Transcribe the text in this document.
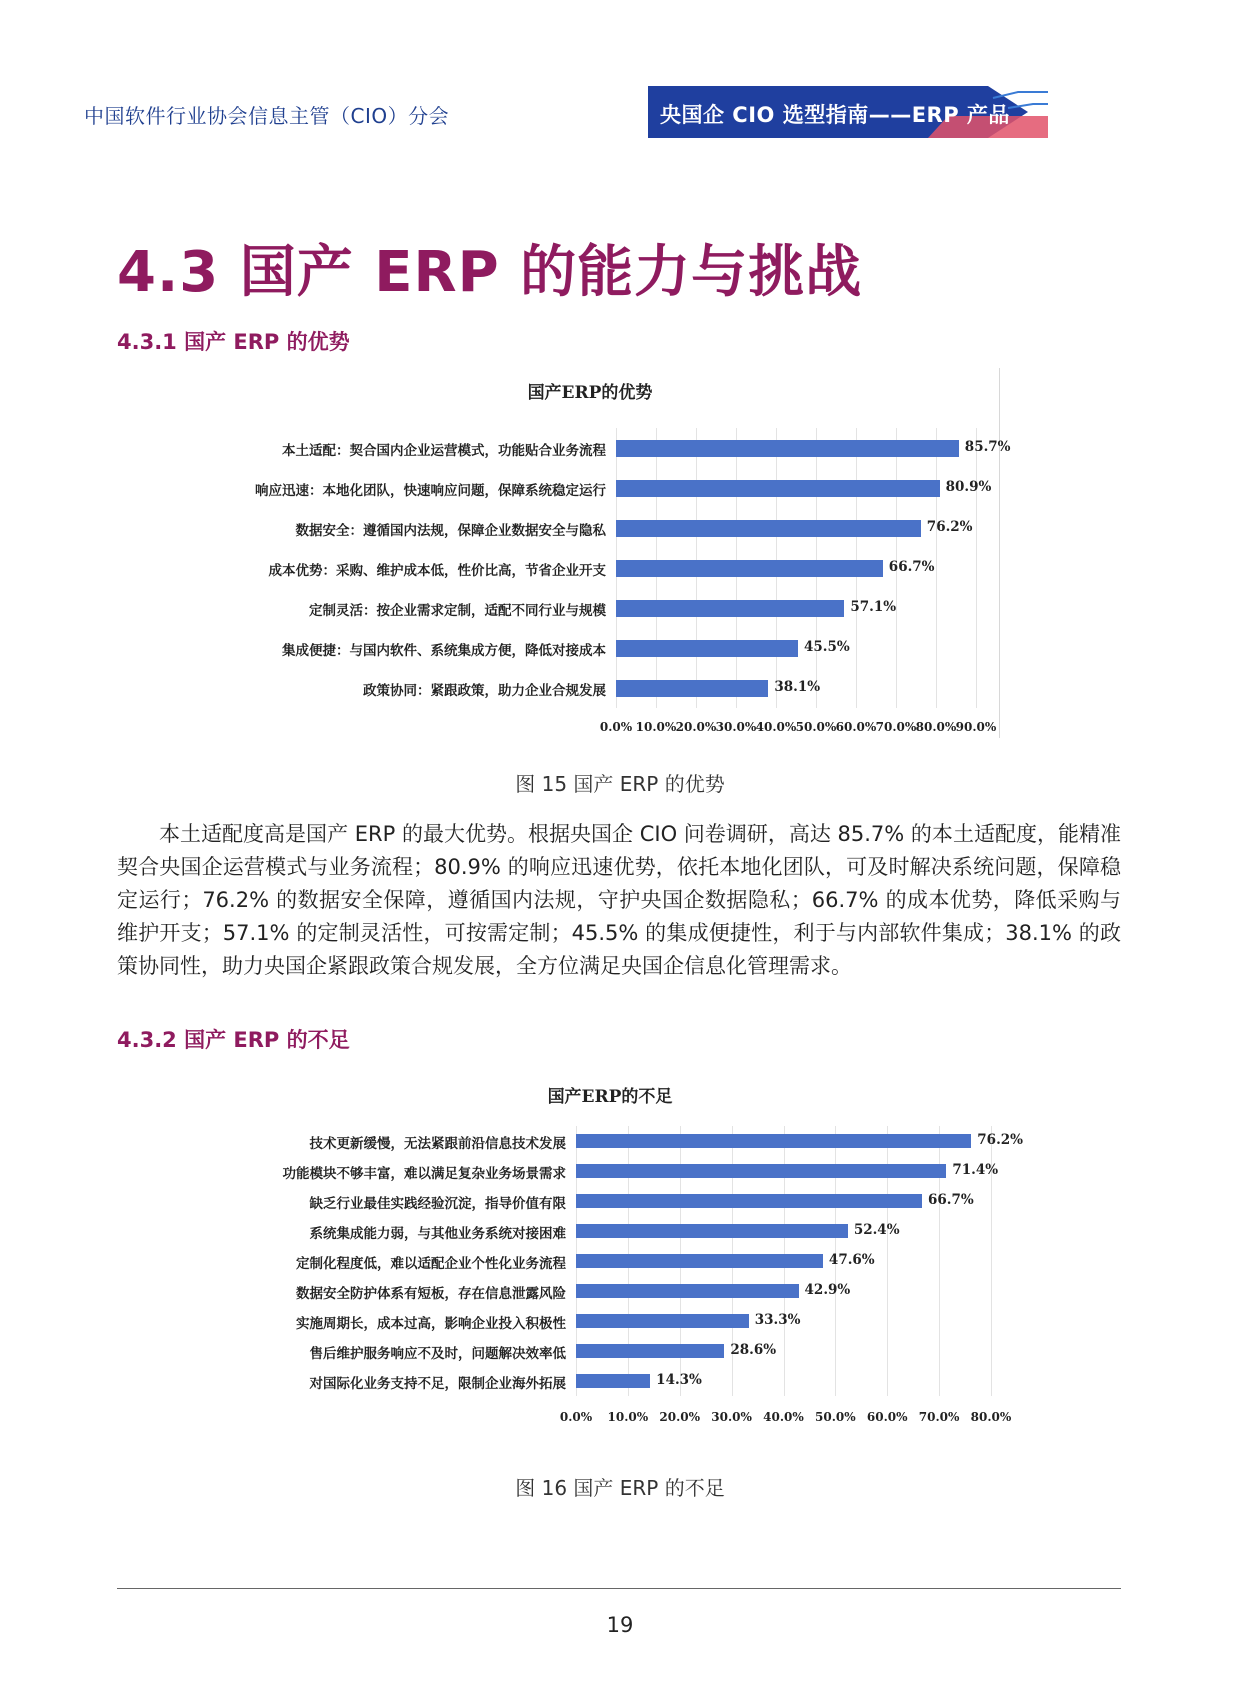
中国软件行业协会信息主管（CIO）分会	央国企 CIO 选型指南——ERP 产品
4.3 国产 ERP 的能力与挑战
4.3.1 国产 ERP 的优势
国产ERP的优势
0.0% 10.0% 20.0% 30.0% 40.0% 50.0% 60.0% 70.0% 80.0% 90.0%
本土适配：契合国内企业运营模式，功能贴合业务流程	85.7%
响应迅速：本地化团队，快速响应问题，保障系统稳定运行	80.9%
数据安全：遵循国内法规，保障企业数据安全与隐私	76.2%
成本优势：采购、维护成本低，性价比高，节省企业开支	66.7%
定制灵活：按企业需求定制，适配不同行业与规模	57.1%
集成便捷：与国内软件、系统集成方便，降低对接成本	45.5%
政策协同：紧跟政策，助力企业合规发展	38.1%
图 15 国产 ERP 的优势
本土适配度高是国产 ERP 的最大优势。根据央国企 CIO 问卷调研，高达 85.7% 的本土适配度，能精准契合央国企运营模式与业务流程；80.9% 的响应迅速优势，依托本地化团队，可及时解决系统问题，保障稳定运行；76.2% 的数据安全保障，遵循国内法规，守护央国企数据隐私；66.7% 的成本优势，降低采购与维护开支；57.1% 的定制灵活性，可按需定制；45.5% 的集成便捷性，利于与内部软件集成；38.1% 的政策协同性，助力央国企紧跟政策合规发展，全方位满足央国企信息化管理需求。
4.3.2 国产 ERP 的不足
国产ERP的不足
0.0% 10.0% 20.0% 30.0% 40.0% 50.0% 60.0% 70.0% 80.0%
技术更新缓慢，无法紧跟前沿信息技术发展	76.2%
功能模块不够丰富，难以满足复杂业务场景需求	71.4%
缺乏行业最佳实践经验沉淀，指导价值有限	66.7%
系统集成能力弱，与其他业务系统对接困难	52.4%
定制化程度低，难以适配企业个性化业务流程	47.6%
数据安全防护体系有短板，存在信息泄露风险	42.9%
实施周期长，成本过高，影响企业投入积极性	33.3%
售后维护服务响应不及时，问题解决效率低	28.6%
对国际化业务支持不足，限制企业海外拓展	14.3%
图 16 国产 ERP 的不足
19
